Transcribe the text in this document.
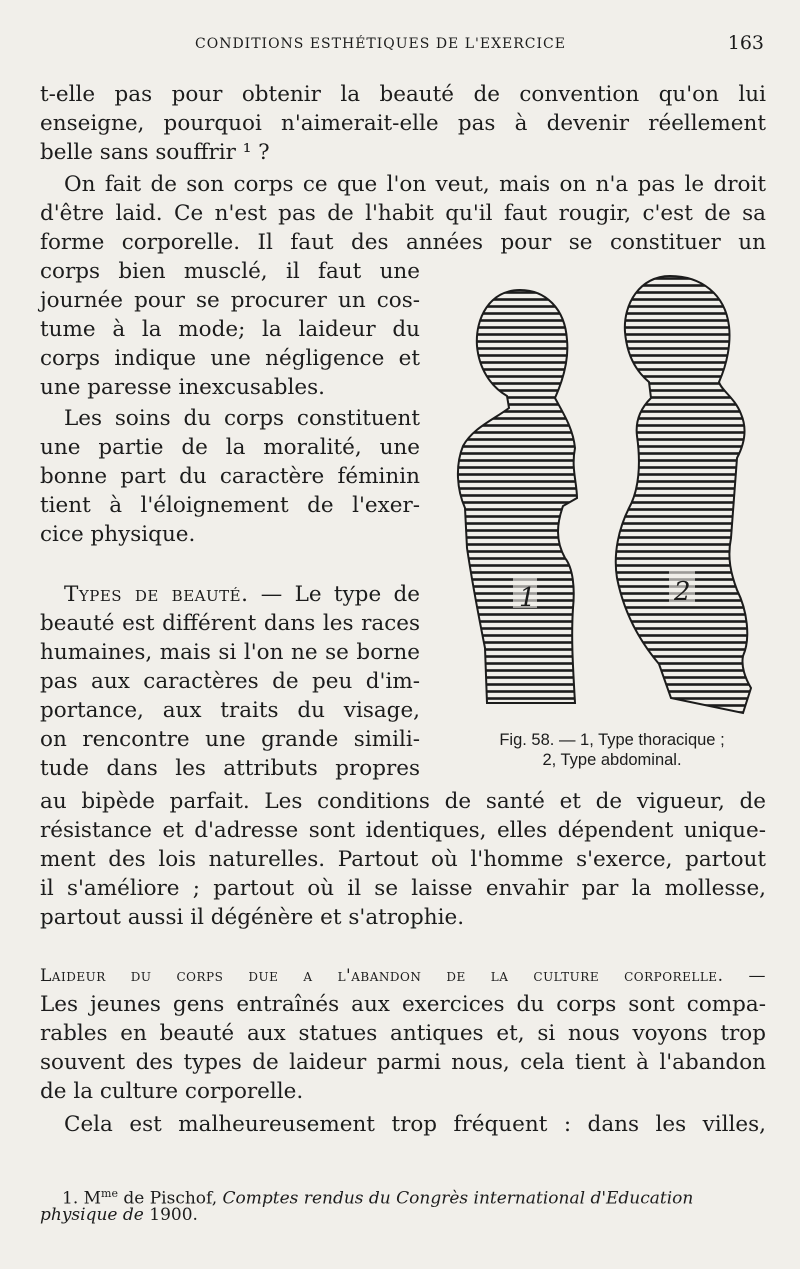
CONDITIONS ESTHÉTIQUES DE L'EXERCICE	163
t-elle pas pour obtenir la beauté de convention qu'on lui
enseigne, pourquoi n'aimerait-elle pas à devenir réellement
belle sans souffrir ¹ ?
On fait de son corps ce que l'on veut, mais on n'a pas le droit
d'être laid. Ce n'est pas de l'habit qu'il faut rougir, c'est de sa
forme corporelle. Il faut des années pour se constituer un
corps bien musclé, il faut une
journée pour se procurer un cos-
tume à la mode; la laideur du
corps indique une négligence et
une paresse inexcusables.
Les soins du corps constituent
une partie de la moralité, une
bonne part du caractère féminin
tient à l'éloignement de l'exer-
cice physique.
Types de beauté. — Le type de
beauté est différent dans les races
humaines, mais si l'on ne se borne
pas aux caractères de peu d'im-
portance, aux traits du visage,
on rencontre une grande simili-
tude dans les attributs propres
au bipède parfait. Les conditions de santé et de vigueur, de
résistance et d'adresse sont identiques, elles dépendent unique-
ment des lois naturelles. Partout où l'homme s'exerce, partout
il s'améliore ; partout où il se laisse envahir par la mollesse,
partout aussi il dégénère et s'atrophie.
Laideur du corps due a l'abandon de la culture corporelle. —
Les jeunes gens entraînés aux exercices du corps sont compa-
rables en beauté aux statues antiques et, si nous voyons trop
souvent des types de laideur parmi nous, cela tient à l'abandon
de la culture corporelle.
Cela est malheureusement trop fréquent : dans les villes,
1	2
Fig. 58. — 1, Type thoracique ;
2, Type abdominal.
1. $M^{me}$ de Pischof, Comptes rendus du Congrès international d'Education
physique de 1900.
